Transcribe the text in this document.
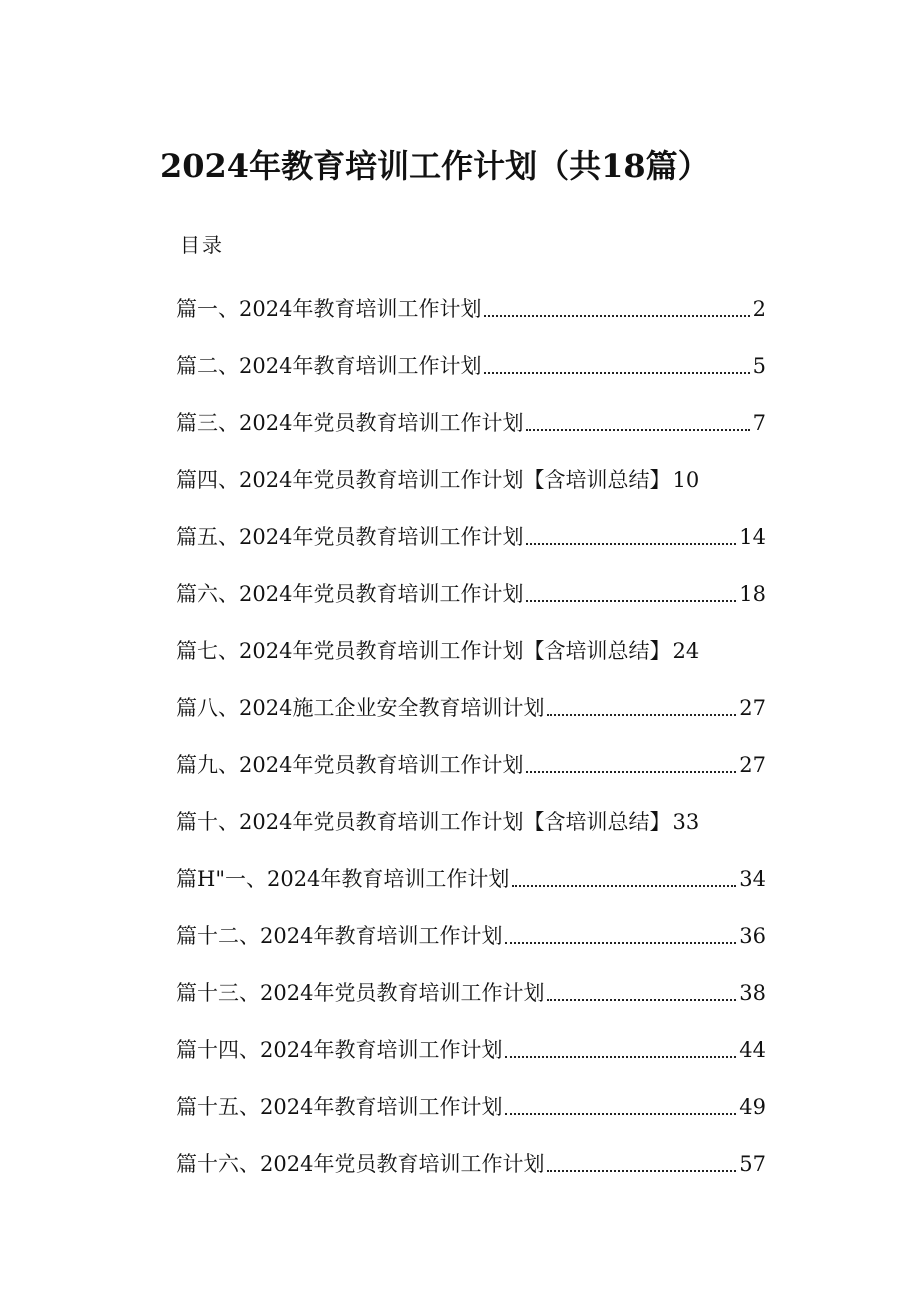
2024年教育培训工作计划（共18篇）
目录
篇一、2024年教育培训工作计划	2
篇二、2024年教育培训工作计划	5
篇三、2024年党员教育培训工作计划	7
篇四、2024年党员教育培训工作计划【含培训总结】 10
篇五、2024年党员教育培训工作计划	14
篇六、2024年党员教育培训工作计划	18
篇七、2024年党员教育培训工作计划【含培训总结】 24
篇八、2024施工企业安全教育培训计划	27
篇九、2024年党员教育培训工作计划	27
篇十、2024年党员教育培训工作计划【含培训总结】 33
篇H"一、2024年教育培训工作计划	34
篇十二、2024年教育培训工作计划	36
篇十三、2024年党员教育培训工作计划	38
篇十四、2024年教育培训工作计划	44
篇十五、2024年教育培训工作计划	49
篇十六、2024年党员教育培训工作计划	57
